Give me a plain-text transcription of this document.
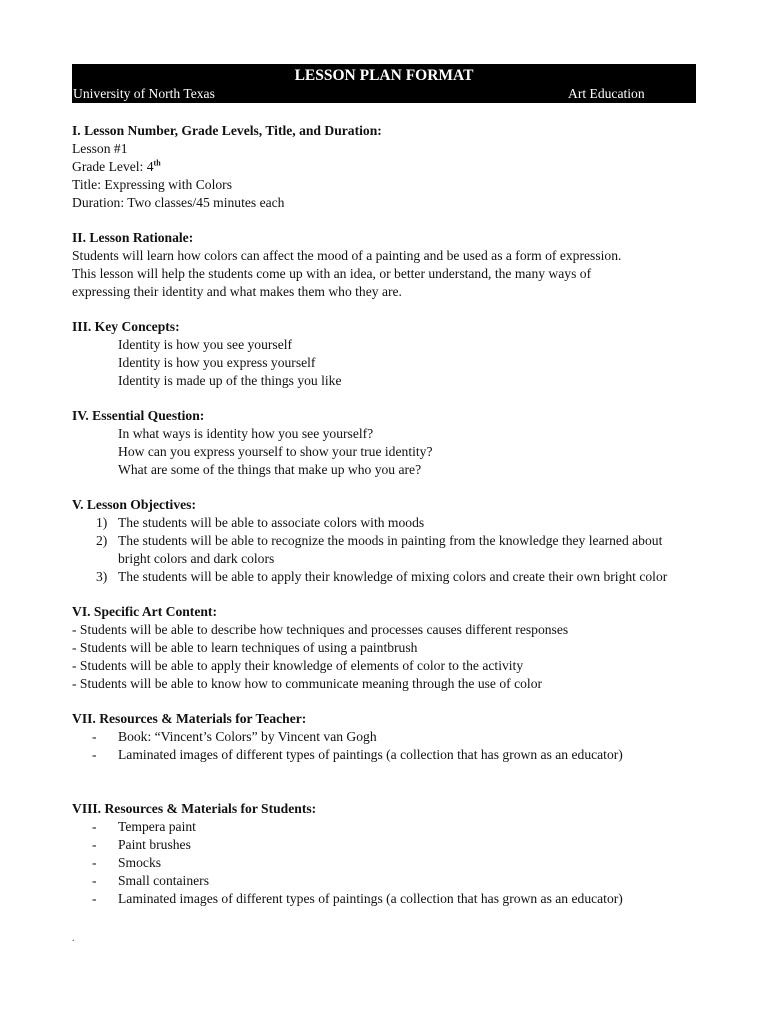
LESSON PLAN FORMAT
University of North Texas	Art Education
I. Lesson Number, Grade Levels, Title, and Duration:
Lesson #1
Grade Level: 4th
Title: Expressing with Colors
Duration: Two classes/45 minutes each
II. Lesson Rationale:
Students will learn how colors can affect the mood of a painting and be used as a form of expression.
This lesson will help the students come up with an idea, or better understand, the many ways of
expressing their identity and what makes them who they are.
III. Key Concepts:
Identity is how you see yourself
Identity is how you express yourself
Identity is made up of the things you like
IV. Essential Question:
In what ways is identity how you see yourself?
How can you express yourself to show your true identity?
What are some of the things that make up who you are?
V. Lesson Objectives:
1) The students will be able to associate colors with moods
2) The students will be able to recognize the moods in painting from the knowledge they learned about bright colors and dark colors
3) The students will be able to apply their knowledge of mixing colors and create their own bright color
VI. Specific Art Content:
- Students will be able to describe how techniques and processes causes different responses
- Students will be able to learn techniques of using a paintbrush
- Students will be able to apply their knowledge of elements of color to the activity
- Students will be able to know how to communicate meaning through the use of color
VII. Resources & Materials for Teacher:
-	Book: “Vincent’s Colors” by Vincent van Gogh
-	Laminated images of different types of paintings (a collection that has grown as an educator)
VIII. Resources & Materials for Students:
-	Tempera paint
-	Paint brushes
-	Smocks
-	Small containers
-	Laminated images of different types of paintings (a collection that has grown as an educator)
.
